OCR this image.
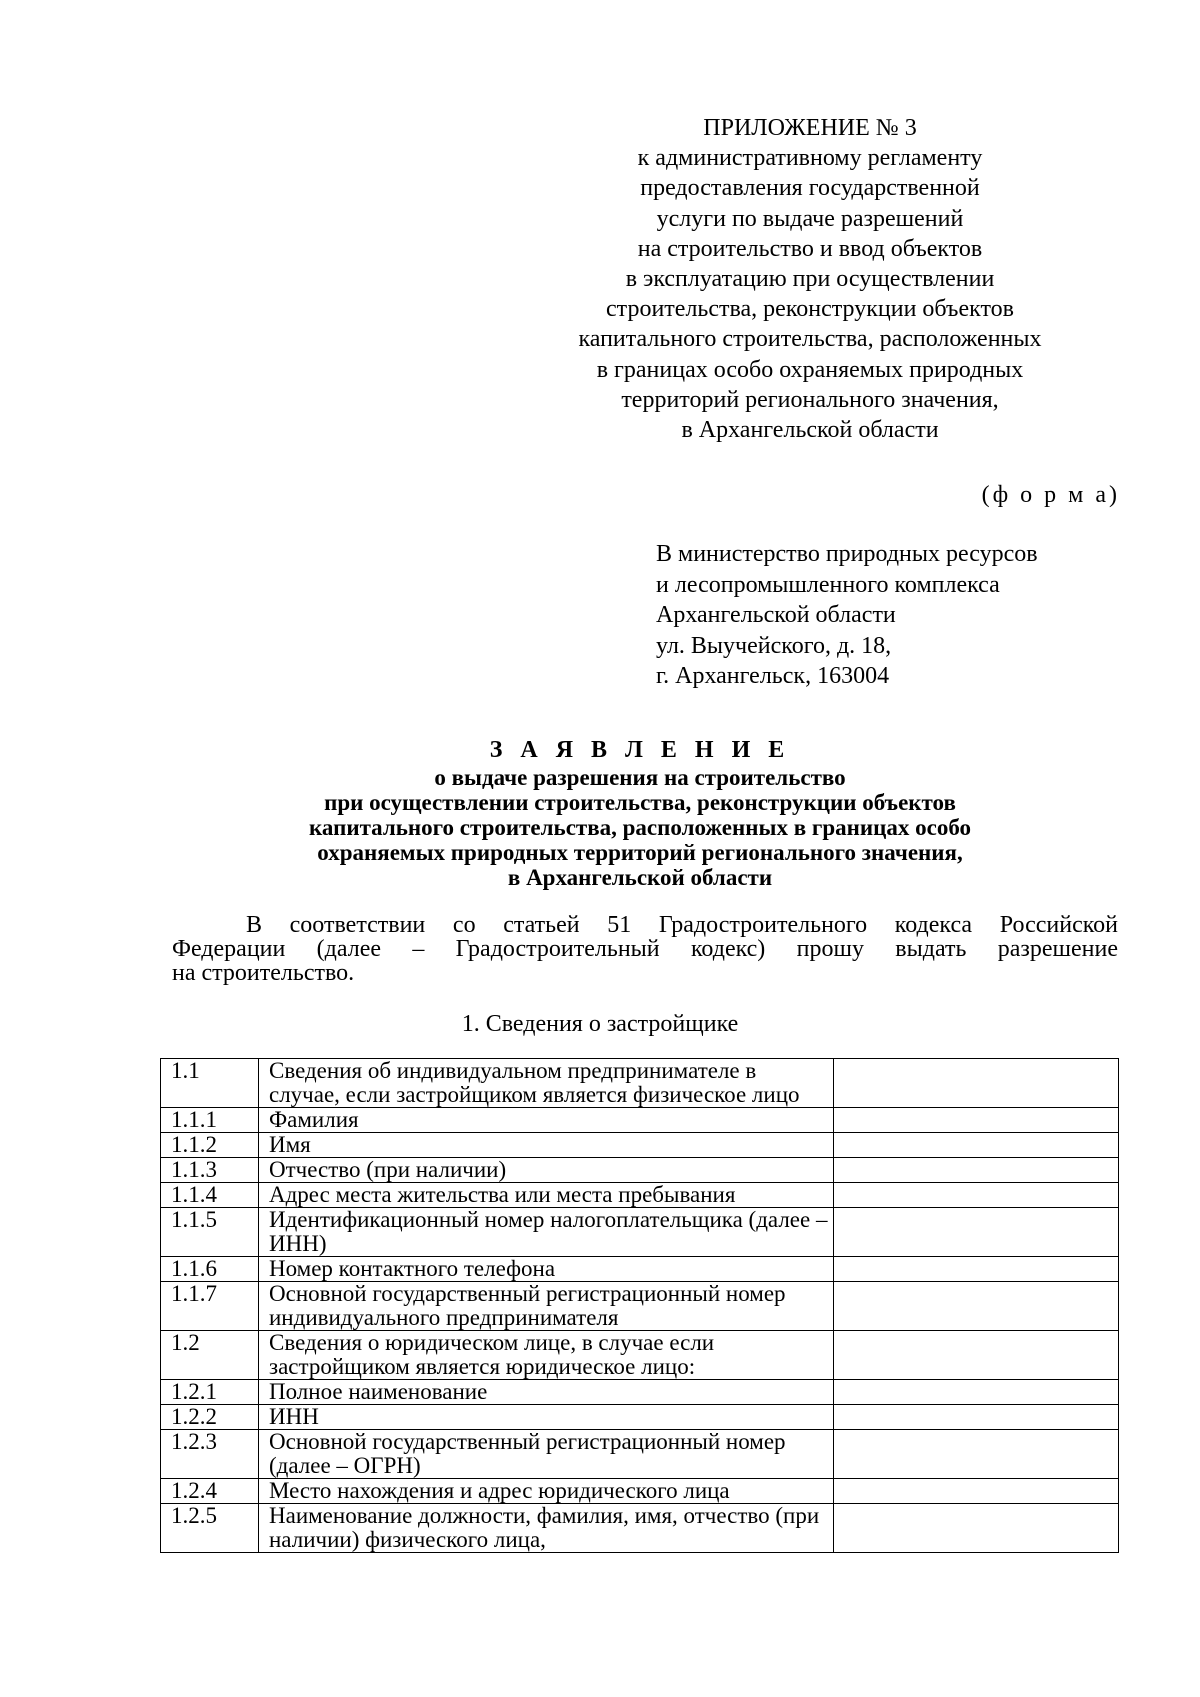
ПРИЛОЖЕНИЕ № 3
к административному регламенту
предоставления государственной
услуги по выдаче разрешений
на строительство и ввод объектов
в эксплуатацию при осуществлении
строительства, реконструкции объектов
капитального строительства, расположенных
в границах особо охраняемых природных
территорий регионального значения,
в Архангельской области
(ф о р м а)
В министерство природных ресурсов
и лесопромышленного комплекса
Архангельской области
ул. Выучейского, д. 18,
г. Архангельск, 163004
З А Я В Л Е Н И Е
о выдаче разрешения на строительство
при осуществлении строительства, реконструкции объектов
капитального строительства, расположенных в границах особо
охраняемых природных территорий регионального значения,
в Архангельской области
В соответствии со статьей 51 Градостроительного кодекса Российской
Федерации (далее – Градостроительный кодекс) прошу выдать разрешение
на строительство.
1. Сведения о застройщике
1.1	Сведения об индивидуальном предпринимателе в случае, если застройщиком является физическое лицо	
1.1.1	Фамилия	
1.1.2	Имя	
1.1.3	Отчество (при наличии)	
1.1.4	Адрес места жительства или места пребывания	
1.1.5	Идентификационный номер налогоплательщика (далее – ИНН)	
1.1.6	Номер контактного телефона	
1.1.7	Основной государственный регистрационный номер индивидуального предпринимателя	
1.2	Сведения о юридическом лице, в случае если застройщиком является юридическое лицо:	
1.2.1	Полное наименование	
1.2.2	ИНН	
1.2.3	Основной государственный регистрационный номер (далее – ОГРН)	
1.2.4	Место нахождения и адрес юридического лица	
1.2.5	Наименование должности, фамилия, имя, отчество (при наличии) физического лица,	
